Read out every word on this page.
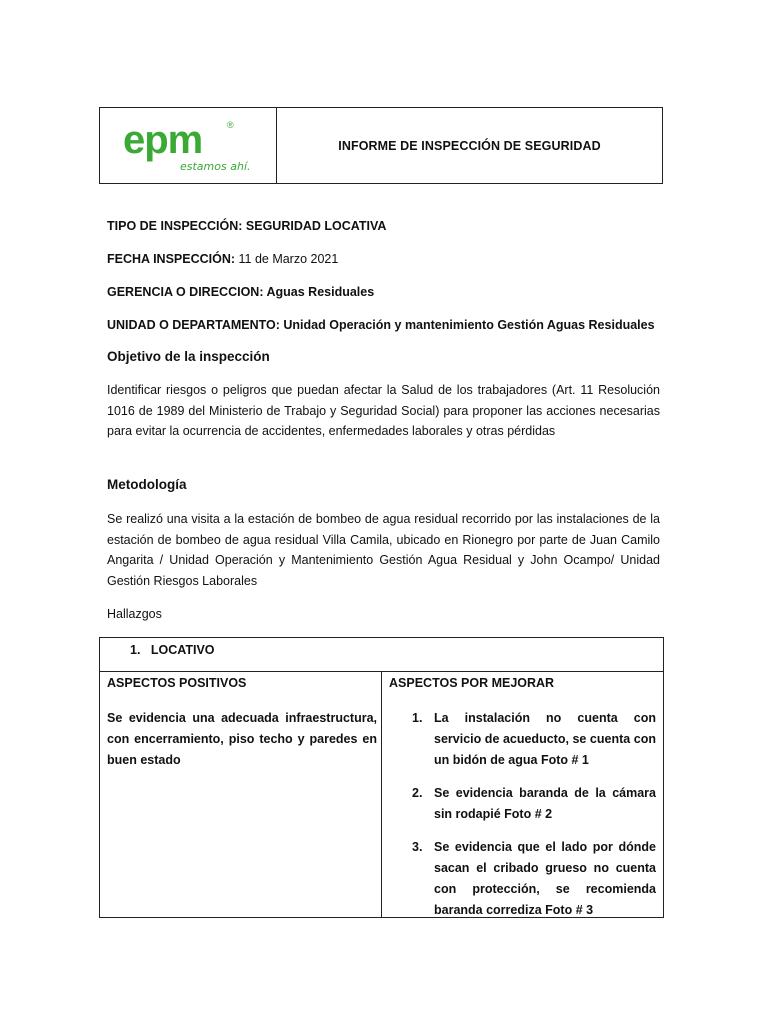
epm	®
estamos ahí.
INFORME DE INSPECCIÓN DE SEGURIDAD
TIPO DE INSPECCIÓN: SEGURIDAD LOCATIVA
FECHA INSPECCIÓN: 11 de Marzo 2021
GERENCIA O DIRECCION: Aguas Residuales
UNIDAD O DEPARTAMENTO: Unidad Operación y mantenimiento Gestión Aguas Residuales
Objetivo de la inspección
Identificar riesgos o peligros que puedan afectar la Salud de los trabajadores (Art. 11 Resolución 1016 de 1989 del Ministerio de Trabajo y Seguridad Social) para proponer las acciones necesarias para evitar la ocurrencia de accidentes, enfermedades laborales y otras pérdidas
Metodología
Se realizó una visita a la estación de bombeo de agua residual recorrido por las instalaciones de la estación de bombeo de agua residual Villa Camila, ubicado en Rionegro por parte de Juan Camilo Angarita / Unidad Operación y Mantenimiento Gestión Agua Residual y John Ocampo/ Unidad Gestión Riesgos Laborales
Hallazgos
1. LOCATIVO
ASPECTOS POSITIVOS
Se evidencia una adecuada infraestructura, con encerramiento, piso techo y paredes en buen estado
ASPECTOS POR MEJORAR
1. La instalación no cuenta con servicio de acueducto, se cuenta con un bidón de agua Foto # 1
2. Se evidencia baranda de la cámara sin rodapié Foto # 2
3. Se evidencia que el lado por dónde sacan el cribado grueso no cuenta con protección, se recomienda baranda corrediza Foto # 3
